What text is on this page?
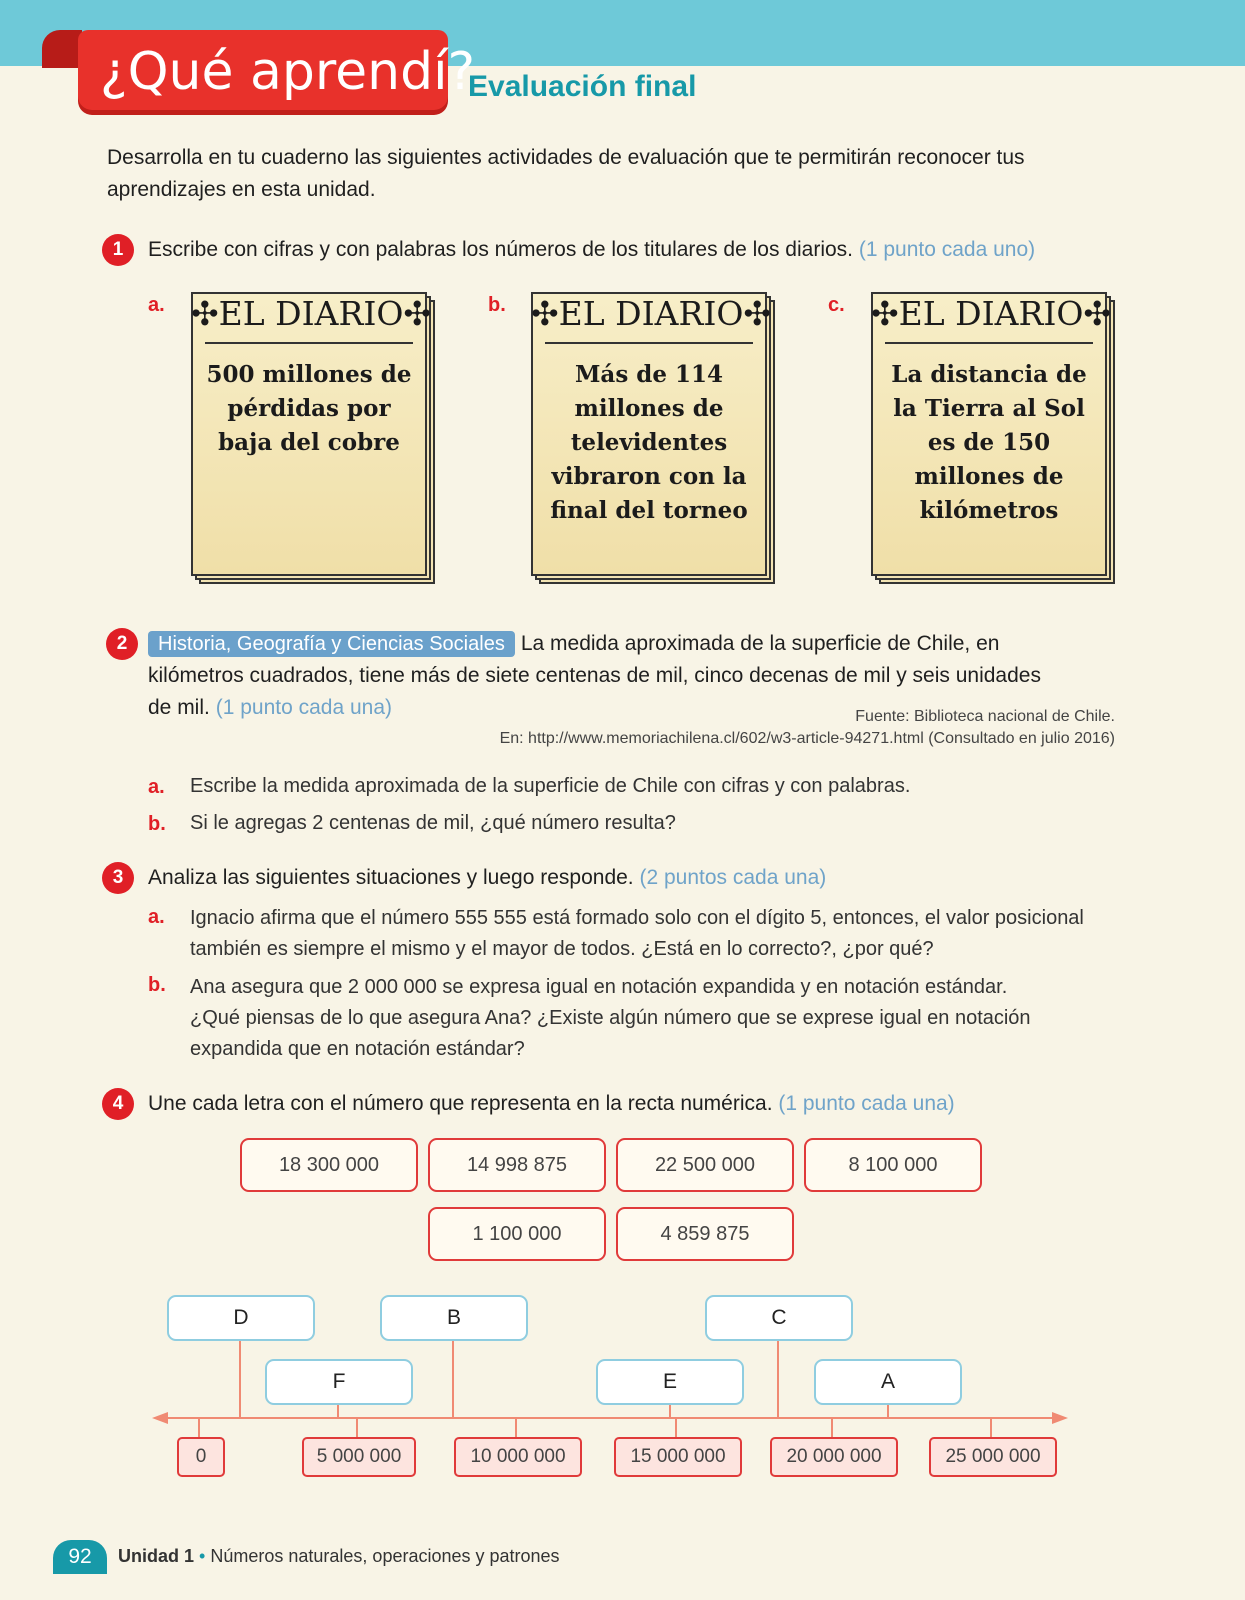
¿Qué aprendí?
Evaluación final
Desarrolla en tu cuaderno las siguientes actividades de evaluación que te permitirán reconocer tus aprendizajes en esta unidad.
1	Escribe con cifras y con palabras los números de los titulares de los diarios. (1 punto cada uno)
a. ✣EL DIARIO✣
500 millones de pérdidas por baja del cobre
b. ✣EL DIARIO✣
Más de 114 millones de televidentes vibraron con la final del torneo
c. ✣EL DIARIO✣
La distancia de la Tierra al Sol es de 150 millones de kilómetros
2	Historia, Geografía y Ciencias Sociales La medida aproximada de la superficie de Chile, en
kilómetros cuadrados, tiene más de siete centenas de mil, cinco decenas de mil y seis unidades
de mil. (1 punto cada una)	Fuente: Biblioteca nacional de Chile.
En: http://www.memoriachilena.cl/602/w3-article-94271.html (Consultado en julio 2016)
a. Escribe la medida aproximada de la superficie de Chile con cifras y con palabras.
b. Si le agregas 2 centenas de mil, ¿qué número resulta?
3	Analiza las siguientes situaciones y luego responde. (2 puntos cada una)
a. Ignacio afirma que el número 555 555 está formado solo con el dígito 5, entonces, el valor posicional
también es siempre el mismo y el mayor de todos. ¿Está en lo correcto?, ¿por qué?
b. Ana asegura que 2 000 000 se expresa igual en notación expandida y en notación estándar.
¿Qué piensas de lo que asegura Ana? ¿Existe algún número que se exprese igual en notación
expandida que en notación estándar?
4	Une cada letra con el número que representa en la recta numérica. (1 punto cada una)
18 300 000	14 998 875	22 500 000	8 100 000
1 100 000	4 859 875
D	B	C
F	E	A
0	5 000 000	10 000 000	15 000 000	20 000 000	25 000 000
92	Unidad 1 • Números naturales, operaciones y patrones
